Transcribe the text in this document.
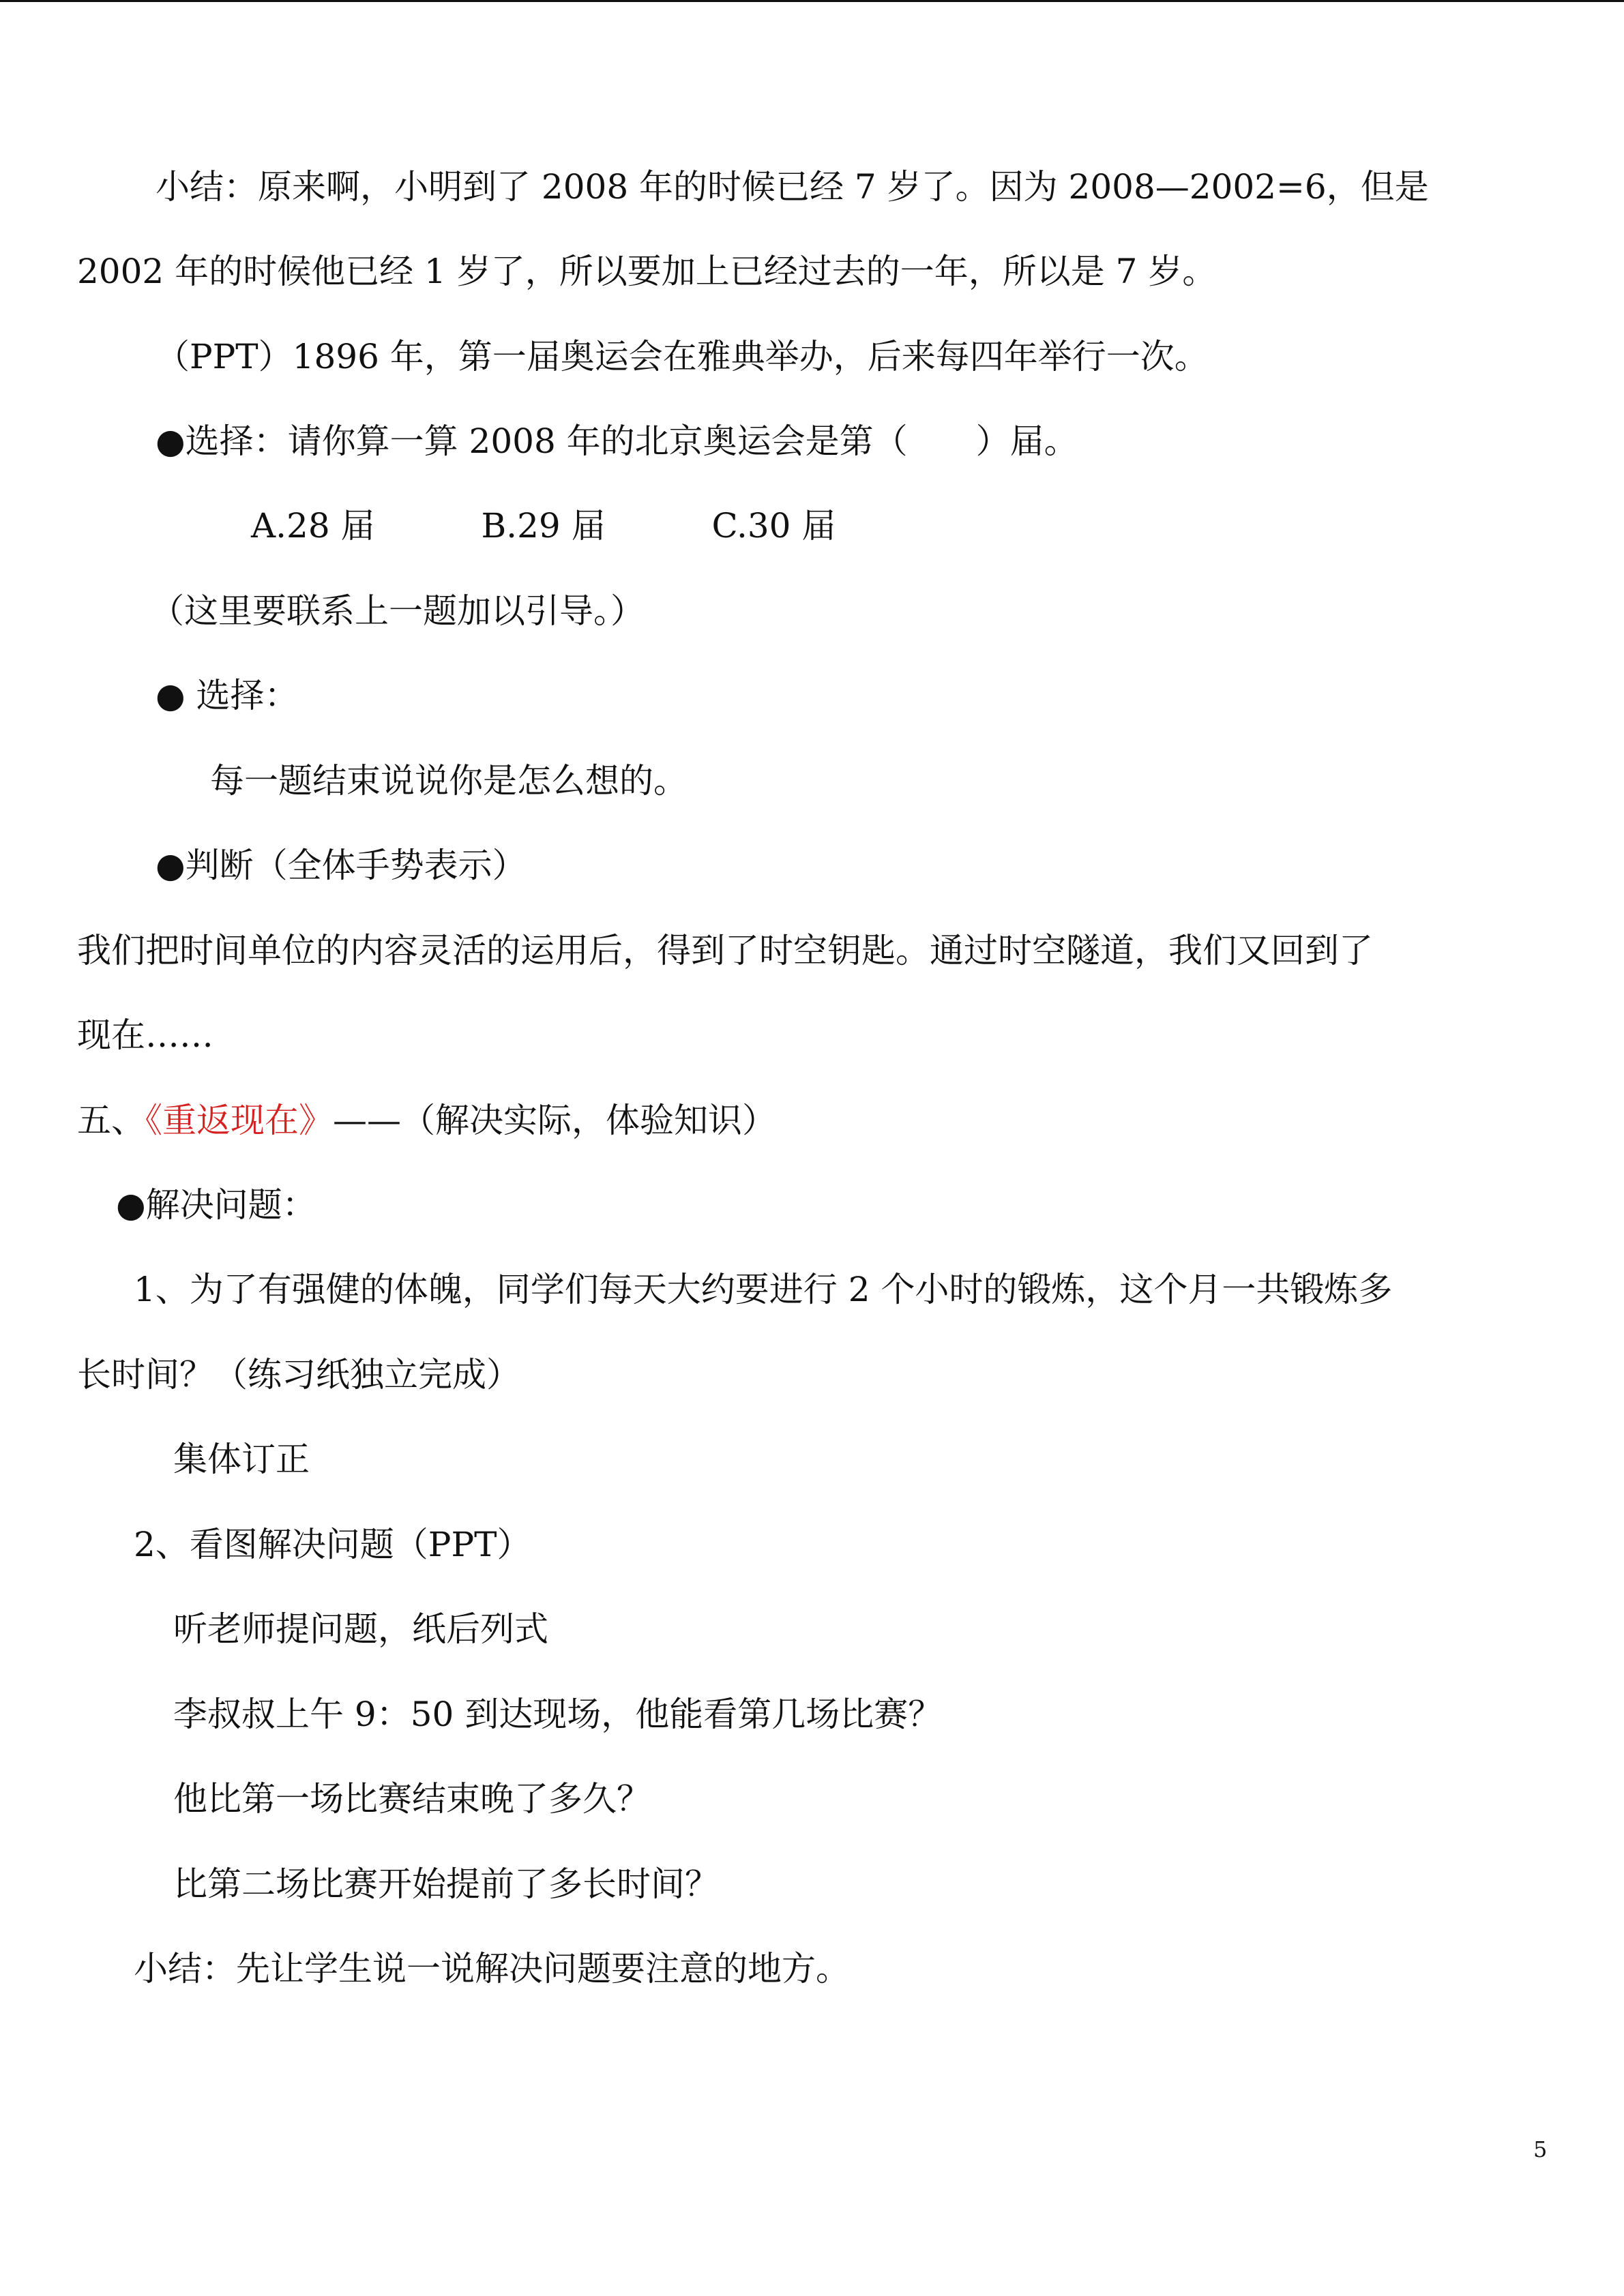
小结：原来啊，小明到了 2008 年的时候已经 7 岁了。因为 2008—2002=6，但是
2002 年的时候他已经 1 岁了，所以要加上已经过去的一年，所以是 7 岁。
（PPT）1896 年，第一届奥运会在雅典举办，后来每四年举行一次。
●选择：请你算一算 2008 年的北京奥运会是第（　　）届。
A.28 届	B.29 届	C.30 届
（这里要联系上一题加以引导。）
● 选择：
每一题结束说说你是怎么想的。
●判断（全体手势表示）
我们把时间单位的内容灵活的运用后，得到了时空钥匙。通过时空隧道，我们又回到了
现在……
五、《重返现在》——（解决实际，体验知识）
●解决问题：
1、为了有强健的体魄，同学们每天大约要进行 2 个小时的锻炼，这个月一共锻炼多
长时间？（练习纸独立完成）
集体订正
2、看图解决问题（PPT）
听老师提问题，纸后列式
李叔叔上午 9：50 到达现场，他能看第几场比赛？
他比第一场比赛结束晚了多久？
比第二场比赛开始提前了多长时间？
小结：先让学生说一说解决问题要注意的地方。
5
